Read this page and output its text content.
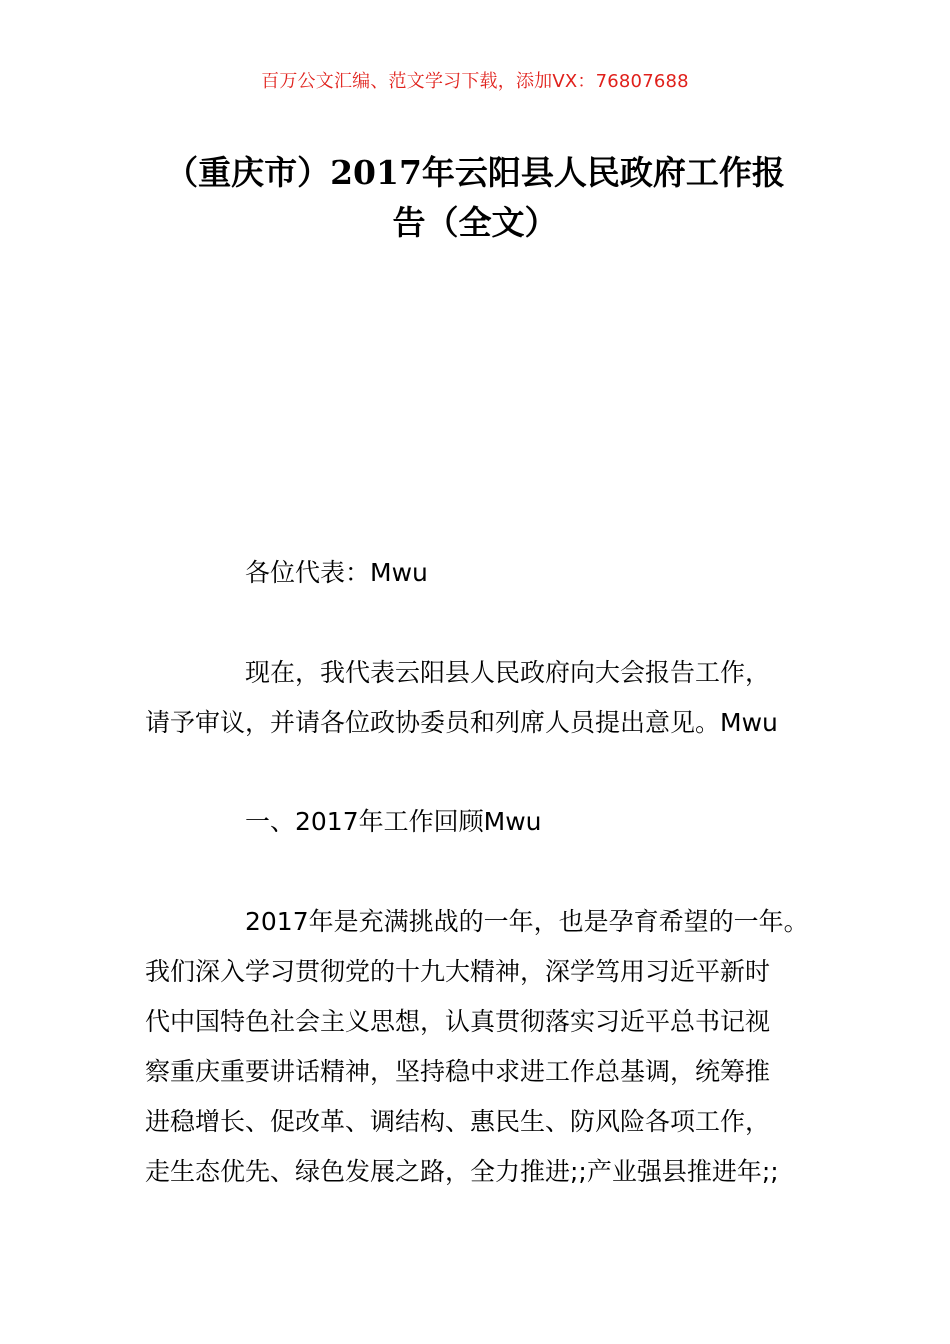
百万公文汇编、范文学习下载，添加VX：76807688
（重庆市）2017年云阳县人民政府工作报
告（全文）

各位代表：Mwu

现在，我代表云阳县人民政府向大会报告工作，
请予审议，并请各位政协委员和列席人员提出意见。Mwu

一、2017年工作回顾Mwu

2017年是充满挑战的一年，也是孕育希望的一年。
我们深入学习贯彻党的十九大精神，深学笃用习近平新时
代中国特色社会主义思想，认真贯彻落实习近平总书记视
察重庆重要讲话精神，坚持稳中求进工作总基调，统筹推
进稳增长、促改革、调结构、惠民生、防风险各项工作，
走生态优先、绿色发展之路，全力推进;;产业强县推进年;;
